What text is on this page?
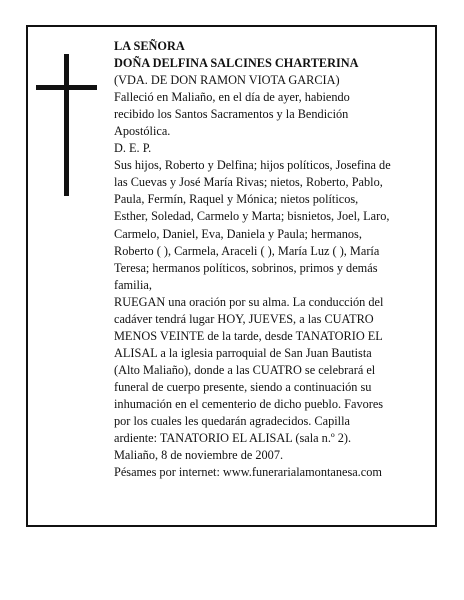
LA SEÑORA
DOÑA DELFINA SALCINES CHARTERINA
(VDA. DE DON RAMON VIOTA GARCIA)
Falleció en Maliaño, en el día de ayer, habiendo
recibido los Santos Sacramentos y la Bendición
Apostólica.
D. E. P.
Sus hijos, Roberto y Delfina; hijos políticos, Josefina de
las Cuevas y José María Rivas; nietos, Roberto, Pablo,
Paula, Fermín, Raquel y Mónica; nietos políticos,
Esther, Soledad, Carmelo y Marta; bisnietos, Joel, Laro,
Carmelo, Daniel, Eva, Daniela y Paula; hermanos,
Roberto ( ), Carmela, Araceli ( ), María Luz ( ), María
Teresa; hermanos políticos, sobrinos, primos y demás
familia,
RUEGAN una oración por su alma. La conducción del
cadáver tendrá lugar HOY, JUEVES, a las CUATRO
MENOS VEINTE de la tarde, desde TANATORIO EL
ALISAL a la iglesia parroquial de San Juan Bautista
(Alto Maliaño), donde a las CUATRO se celebrará el
funeral de cuerpo presente, siendo a continuación su
inhumación en el cementerio de dicho pueblo. Favores
por los cuales les quedarán agradecidos. Capilla
ardiente: TANATORIO EL ALISAL (sala n.º 2).
Maliaño, 8 de noviembre de 2007.
Pésames por internet: www.funerarialamontanesa.com
